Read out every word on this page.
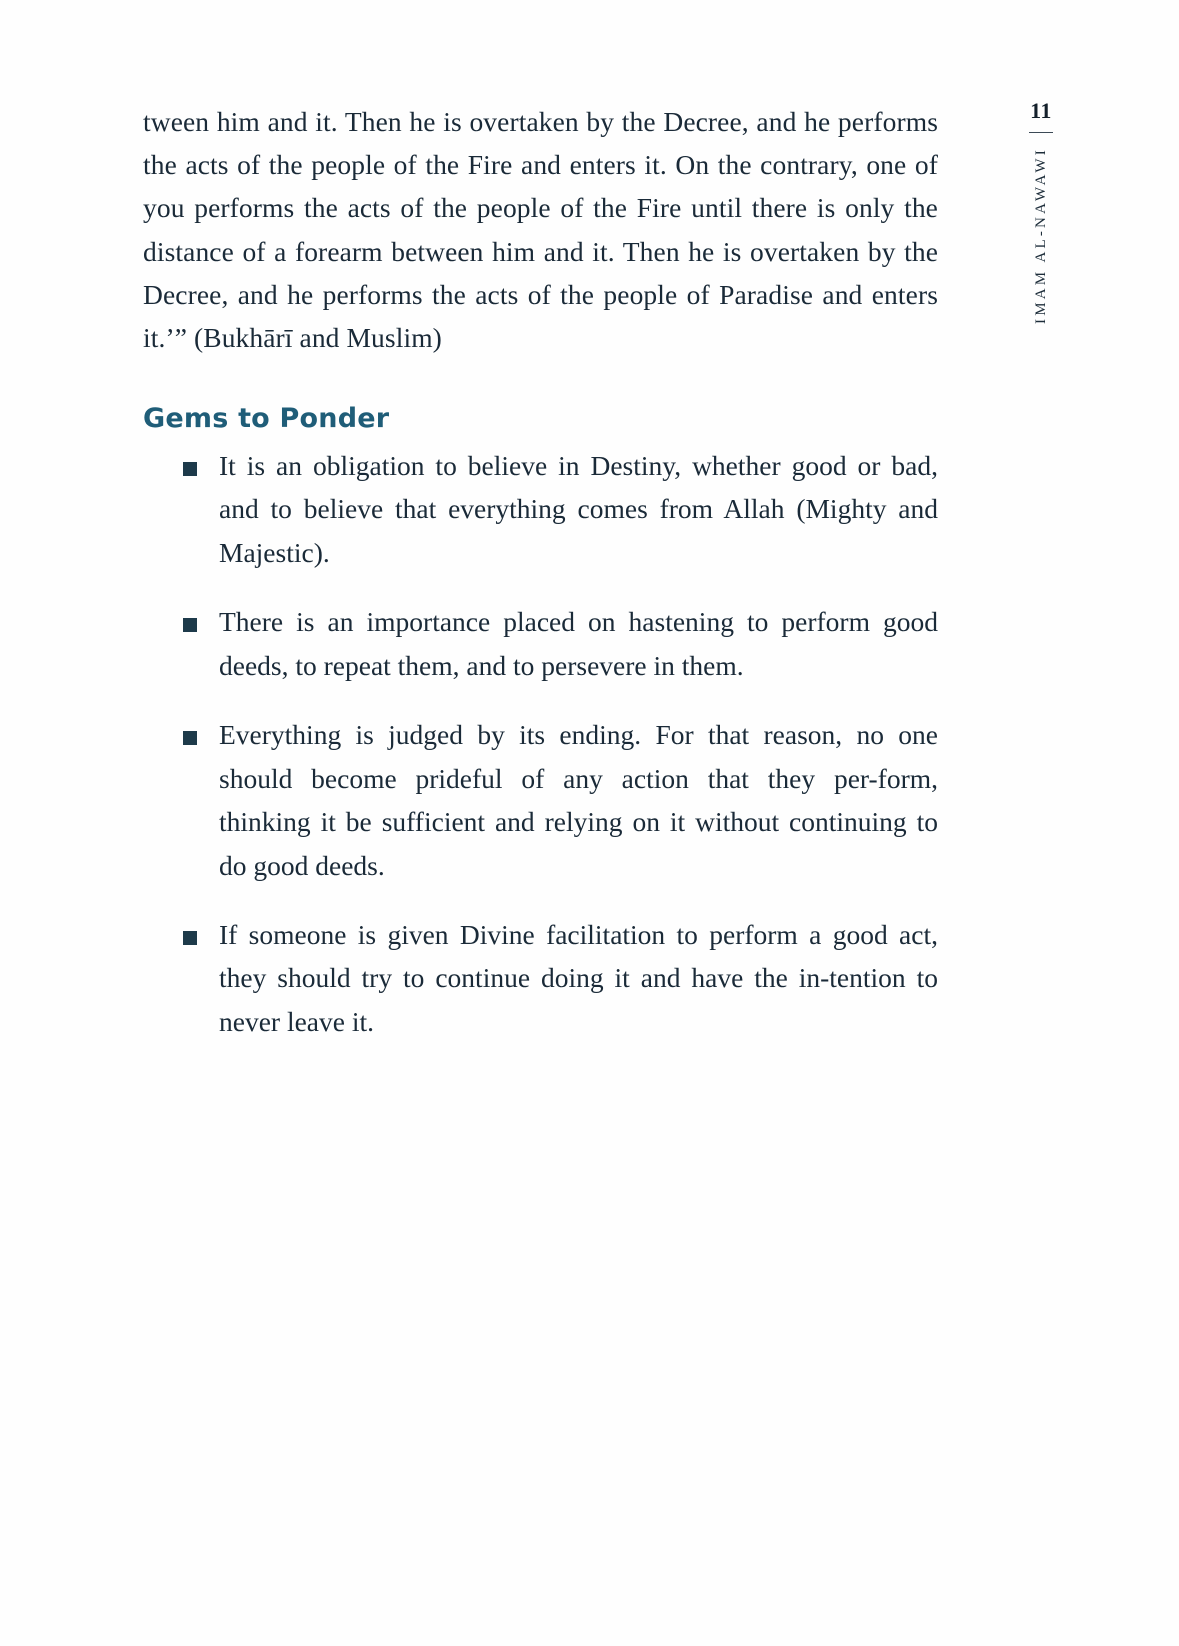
11
IMAM AL-NAWAWI

tween him and it. Then he is overtaken by the Decree, and he performs the acts of the people of the Fire and enters it. On the contrary, one of you performs the acts of the people of the Fire until there is only the distance of a forearm between him and it. Then he is overtaken by the Decree, and he performs the acts of the people of Paradise and enters it.’” (Bukhārī and Muslim)

Gems to Ponder
It is an obligation to believe in Destiny, whether good or bad, and to believe that everything comes from Allah (Mighty and Majestic).
There is an importance placed on hastening to perform good deeds, to repeat them, and to persevere in them.
Everything is judged by its ending. For that reason, no one should become prideful of any action that they per-form, thinking it be sufficient and relying on it without continuing to do good deeds.
If someone is given Divine facilitation to perform a good act, they should try to continue doing it and have the in-tention to never leave it.
